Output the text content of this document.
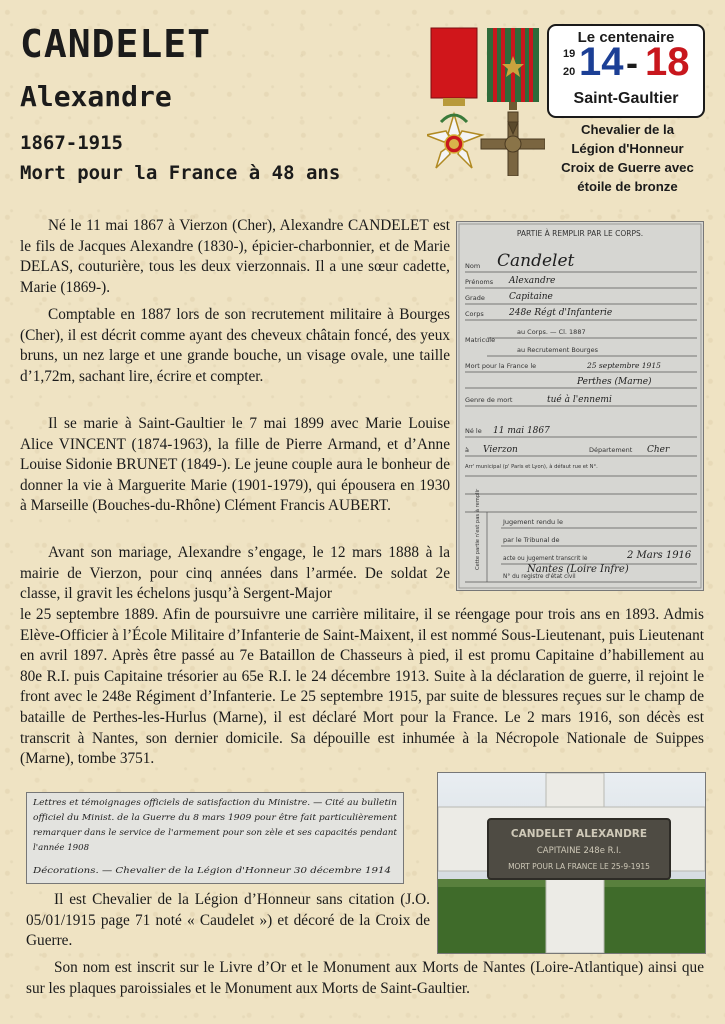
CANDELET
Alexandre
1867-1915
Mort pour la France à 48 ans
Le centenaire
19
20 14 - 18
Saint-Gaultier
Chevalier de la
Légion d'Honneur
Croix de Guerre avec
étoile de bronze

Né le 11 mai 1867 à Vierzon (Cher), Alexandre CANDELET est le fils de Jacques Alexandre (1830-), épicier-charbonnier, et de Marie DELAS, couturière, tous les deux vierzonnais. Il a une sœur cadette, Marie (1869-).

Comptable en 1887 lors de son recrutement militaire à Bourges (Cher), il est décrit comme ayant des cheveux châtain foncé, des yeux bruns, un nez large et une grande bouche, un visage ovale, une taille d’1,72m, sachant lire, écrire et compter.

Il se marie à Saint-Gaultier le 7 mai 1899 avec Marie Louise Alice VINCENT (1874-1963), la fille de Pierre Armand, et d’Anne Louise Sidonie BRUNET (1849-). Le jeune couple aura le bonheur de donner la vie à Marguerite Marie (1901-1979), qui épousera en 1930 à Marseille (Bouches-du-Rhône) Clément Francis AUBERT.

Avant son mariage, Alexandre s’engage, le 12 mars 1888 à la mairie de Vierzon, pour cinq années dans l’armée. De soldat 2e classe, il gravit les échelons jusqu’à Sergent-Major

le 25 septembre 1889. Afin de poursuivre une carrière militaire, il se réengage pour trois ans en 1893. Admis Elève-Officier à l’École Militaire d’Infanterie de Saint-Maixent, il est nommé Sous-Lieutenant, puis Lieutenant en avril 1897. Après être passé au 7e Bataillon de Chasseurs à pied, il est promu Capitaine d’habillement au 80e R.I. puis Capitaine trésorier au 65e R.I. le 24 décembre 1913. Suite à la déclaration de guerre, il rejoint le front avec le 248e Régiment d’Infanterie. Le 25 septembre 1915, par suite de blessures reçues sur le champ de bataille de Perthes-les-Hurlus (Marne), il est déclaré Mort pour la France. Le 2 mars 1916, son décès est transcrit à Nantes, son dernier domicile. Sa dépouille est inhumée à la Nécropole Nationale de Suippes (Marne), tombe 3751.

Il est Chevalier de la Légion d’Honneur sans citation (J.O. 05/01/1915 page 71 noté « Caudelet ») et décoré de la Croix de Guerre.

Son nom est inscrit sur le Livre d’Or et le Monument aux Morts de Nantes (Loire-Atlantique) ainsi que sur les plaques paroissiales et le Monument aux Morts de Saint-Gaultier.

PARTIE À REMPLIR PAR LE CORPS.
Nom
Prénoms
Grade
Corps
Matricule
au Corps. — Cl. 1887
au Recrutement Bourges
Mort pour la France le
Genre de mort
Né le
à	Département
Arr' municipal (p' Paris et Lyon), à défaut rue et N°.
Jugement rendu le
par le Tribunal de
acte ou jugement transcrit le
N° du registre d'état civil
Cette partie n'est pas à remplir
Candelet
Alexandre
Capitaine
248e Régt d'Infanterie
25 septembre 1915
Perthes (Marne)
tué à l'ennemi
11 mai 1867
Vierzon	Cher
2 Mars 1916
Nantes (Loire Infre)
Lettres et témoignages officiels de satisfaction du Ministre. — Cité au bulletin
officiel du Minist. de la Guerre du 8 mars 1909 pour être fait particulièrement
remarquer dans le service de l'armement pour son zèle et ses capacités pendant
l'année 1908
Décorations. — Chevalier de la Légion d'Honneur 30 décembre 1914
CANDELET ALEXANDRE
CAPITAINE 248e R.I.
MORT POUR LA FRANCE LE 25-9-1915
